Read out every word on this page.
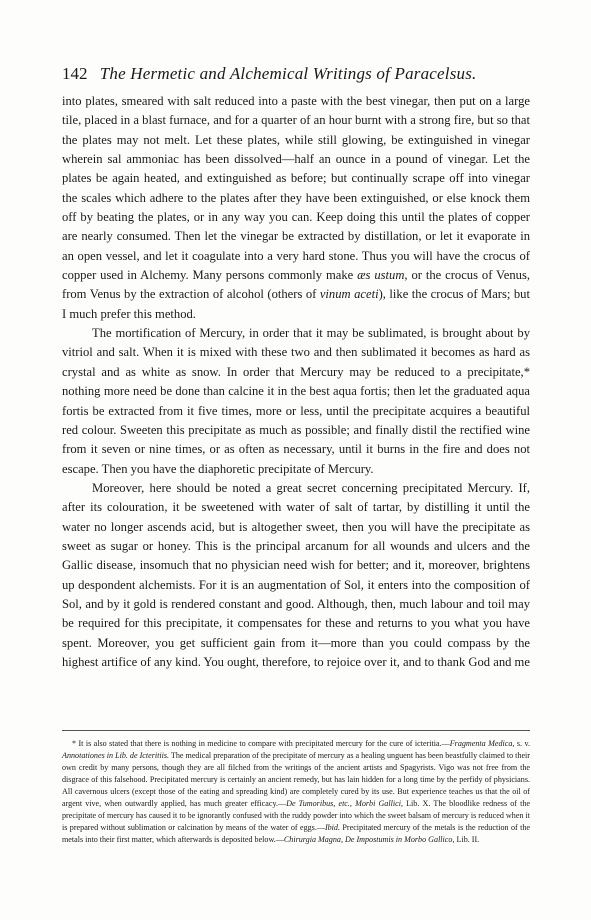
142 The Hermetic and Alchemical Writings of Paracelsus.

into plates, smeared with salt reduced into a paste with the best vinegar, then put on a large tile, placed in a blast furnace, and for a quarter of an hour burnt with a strong fire, but so that the plates may not melt. Let these plates, while still glowing, be extinguished in vinegar wherein sal ammoniac has been dissolved—half an ounce in a pound of vinegar. Let the plates be again heated, and extinguished as before; but continually scrape off into vinegar the scales which adhere to the plates after they have been extinguished, or else knock them off by beating the plates, or in any way you can. Keep doing this until the plates of copper are nearly consumed. Then let the vinegar be extracted by distillation, or let it evaporate in an open vessel, and let it coagulate into a very hard stone. Thus you will have the crocus of copper used in Alchemy. Many persons commonly make æs ustum, or the crocus of Venus, from Venus by the extraction of alcohol (others of vinum aceti), like the crocus of Mars; but I much prefer this method.

The mortification of Mercury, in order that it may be sublimated, is brought about by vitriol and salt. When it is mixed with these two and then sublimated it becomes as hard as crystal and as white as snow. In order that Mercury may be reduced to a precipitate,* nothing more need be done than calcine it in the best aqua fortis; then let the graduated aqua fortis be extracted from it five times, more or less, until the precipitate acquires a beautiful red colour. Sweeten this precipitate as much as possible; and finally distil the rectified wine from it seven or nine times, or as often as necessary, until it burns in the fire and does not escape. Then you have the diaphoretic precipitate of Mercury.

Moreover, here should be noted a great secret concerning precipitated Mercury. If, after its colouration, it be sweetened with water of salt of tartar, by distilling it until the water no longer ascends acid, but is altogether sweet, then you will have the precipitate as sweet as sugar or honey. This is the principal arcanum for all wounds and ulcers and the Gallic disease, insomuch that no physician need wish for better; and it, moreover, brightens up despondent alchemists. For it is an augmentation of Sol, it enters into the composition of Sol, and by it gold is rendered constant and good. Although, then, much labour and toil may be required for this precipitate, it compensates for these and returns to you what you have spent. Moreover, you get sufficient gain from it—more than you could compass by the highest artifice of any kind. You ought, therefore, to rejoice over it, and to thank God and me

* It is also stated that there is nothing in medicine to compare with precipitated mercury for the cure of icteritia.—Fragmenta Medica, s. v. Annotationes in Lib. de Icteritiis. The medical preparation of the precipitate of mercury as a healing unguent has been beastfully claimed to their own credit by many persons, though they are all filched from the writings of the ancient artists and Spagyrists. Vigo was not free from the disgrace of this falsehood. Precipitated mercury is certainly an ancient remedy, but has lain hidden for a long time by the perfidy of physicians. All cavernous ulcers (except those of the eating and spreading kind) are completely cured by its use. But experience teaches us that the oil of argent vive, when outwardly applied, has much greater efficacy.—De Tumoribus, etc., Morbi Gallici, Lib. X. The bloodlike redness of the precipitate of mercury has caused it to be ignorantly confused with the ruddy powder into which the sweet balsam of mercury is reduced when it is prepared without sublimation or calcination by means of the water of eggs.—Ibid. Precipitated mercury of the metals is the reduction of the metals into their first matter, which afterwards is deposited below.—Chirurgia Magna, De Impostumis in Morbo Gallico, Lib. II.
